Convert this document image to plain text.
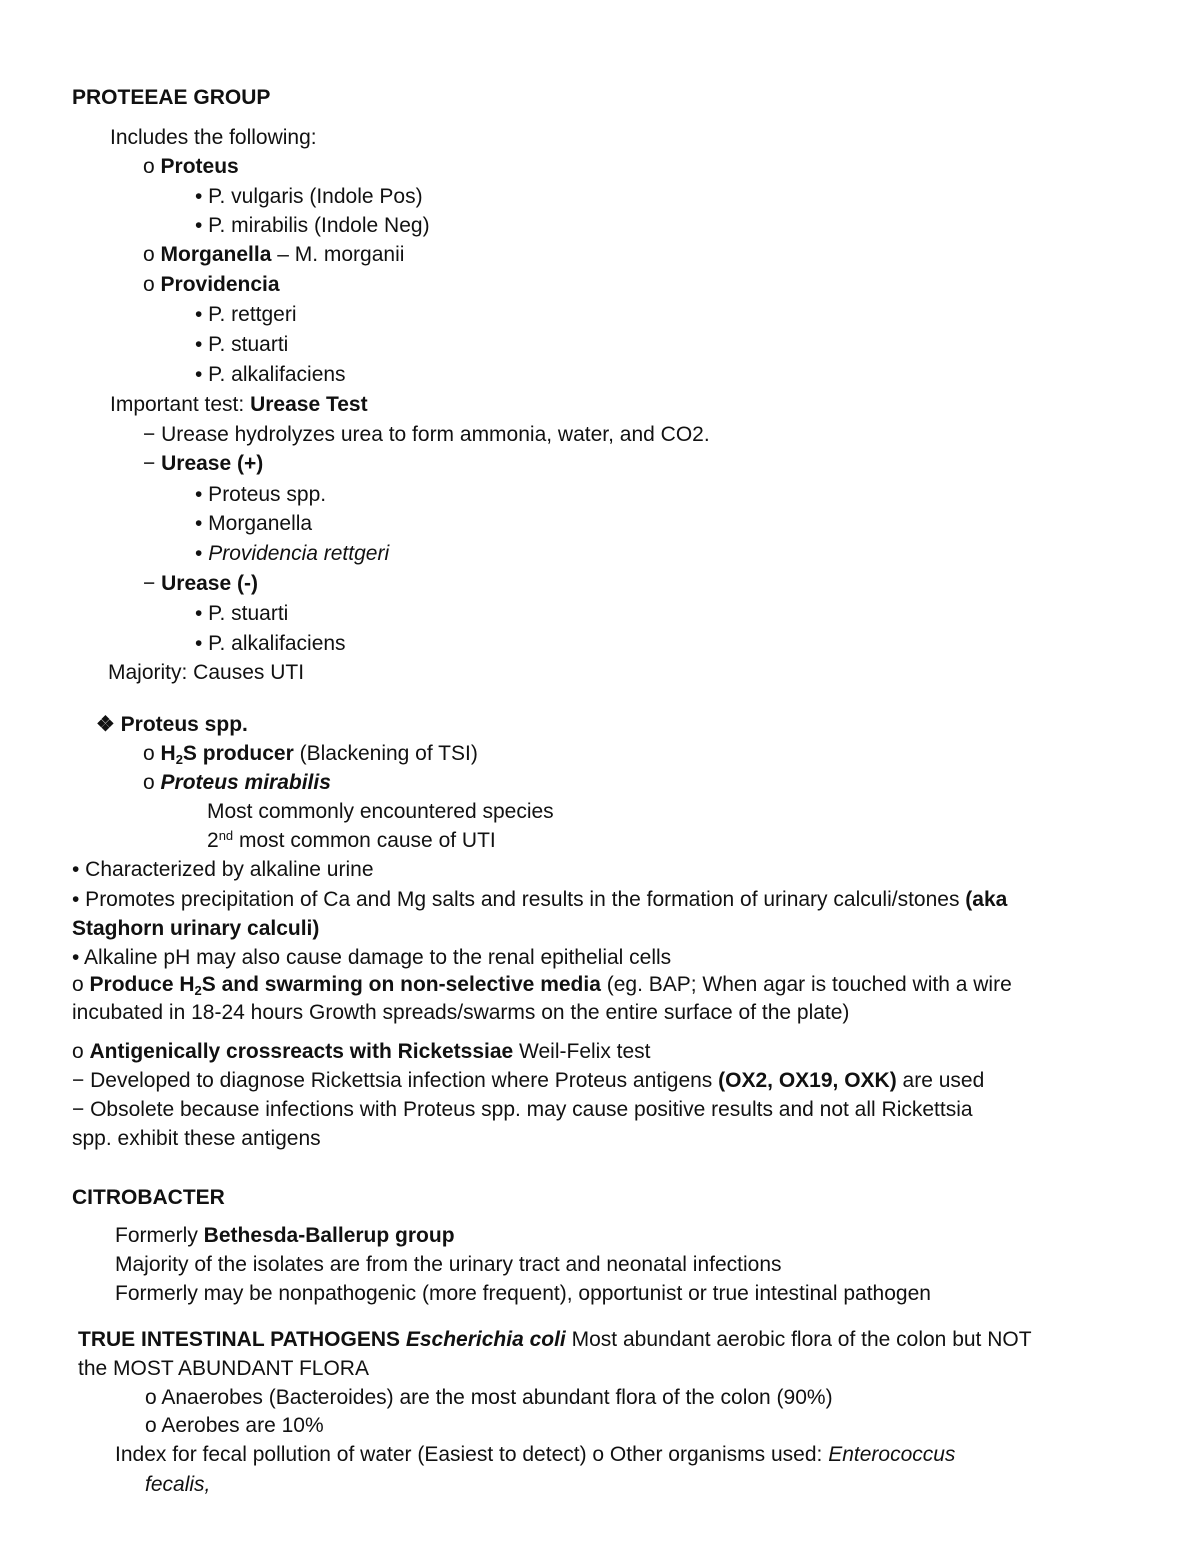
PROTEEAE GROUP
Includes the following:
o Proteus
• P. vulgaris (Indole Pos)
• P. mirabilis (Indole Neg)
o Morganella – M. morganii
o Providencia
• P. rettgeri
• P. stuarti
• P. alkalifaciens
Important test: Urease Test
− Urease hydrolyzes urea to form ammonia, water, and CO2.
− Urease (+)
• Proteus spp.
• Morganella
• Providencia rettgeri
− Urease (-)
• P. stuarti
• P. alkalifaciens
Majority: Causes UTI
❖ Proteus spp.
o $H_2S$ producer (Blackening of TSI)
o Proteus mirabilis
Most commonly encountered species
2nd most common cause of UTI
• Characterized by alkaline urine
• Promotes precipitation of Ca and Mg salts and results in the formation of urinary calculi/stones (aka
Staghorn urinary calculi)
• Alkaline pH may also cause damage to the renal epithelial cells
o Produce $H_2S$ and swarming on non-selective media (eg. BAP; When agar is touched with a wire
incubated in 18-24 hours Growth spreads/swarms on the entire surface of the plate)
o Antigenically crossreacts with Ricketssiae Weil-Felix test
− Developed to diagnose Rickettsia infection where Proteus antigens (OX2, OX19, OXK) are used
− Obsolete because infections with Proteus spp. may cause positive results and not all Rickettsia
spp. exhibit these antigens
CITROBACTER
Formerly Bethesda-Ballerup group
Majority of the isolates are from the urinary tract and neonatal infections
Formerly may be nonpathogenic (more frequent), opportunist or true intestinal pathogen
TRUE INTESTINAL PATHOGENS Escherichia coli Most abundant aerobic flora of the colon but NOT
the MOST ABUNDANT FLORA
o Anaerobes (Bacteroides) are the most abundant flora of the colon (90%)
o Aerobes are 10%
Index for fecal pollution of water (Easiest to detect) o Other organisms used: Enterococcus
fecalis,
